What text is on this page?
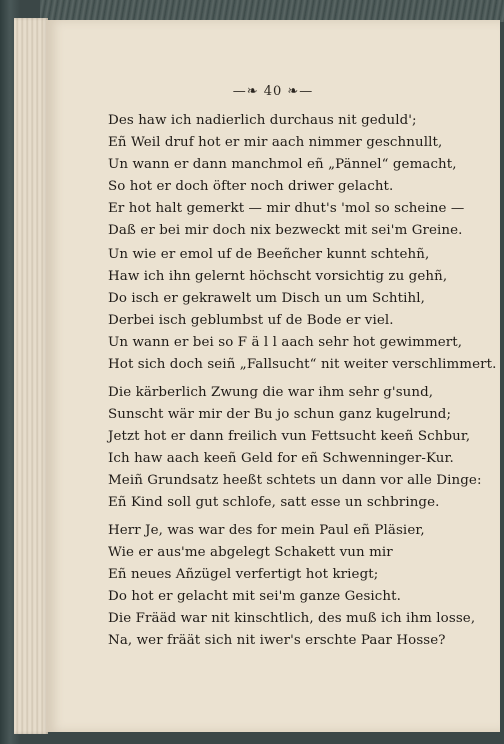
—❧ 40 ❧—
Des haw ich nadierlich durchaus nit geduld';
Eñ Weil druf hot er mir aach nimmer geschnullt,
Un wann er dann manchmol eñ „Pännel“ gemacht,
So hot er doch öfter noch driwer gelacht.
Er hot halt gemerkt — mir dhut's 'mol so scheine —
Daß er bei mir doch nix bezweckt mit sei'm Greine.
Un wie er emol uf de Beeñcher kunnt schtehñ,
Haw ich ihn gelernt höchscht vorsichtig zu gehñ,
Do isch er gekrawelt um Disch un um Schtihl,
Derbei isch geblumbst uf de Bode er viel.
Un wann er bei so F ä l l aach sehr hot gewimmert,
Hot sich doch seiñ „Fallsucht“ nit weiter verschlimmert.
Die kärberlich Zwung die war ihm sehr g'sund,
Sunscht wär mir der Bu jo schun ganz kugelrund;
Jetzt hot er dann freilich vun Fettsucht keeñ Schbur,
Ich haw aach keeñ Geld for eñ Schwenninger-Kur.
Meiñ Grundsatz heeßt schtets un dann vor alle Dinge:
Eñ Kind soll gut schlofe, satt esse un schbringe.
Herr Je, was war des for mein Paul eñ Pläsier,
Wie er aus'me abgelegt Schakett vun mir
Eñ neues Añzügel verfertigt hot kriegt;
Do hot er gelacht mit sei'm ganze Gesicht.
Die Frääd war nit kinschtlich, des muß ich ihm losse,
Na, wer fräät sich nit iwer's erschte Paar Hosse?
